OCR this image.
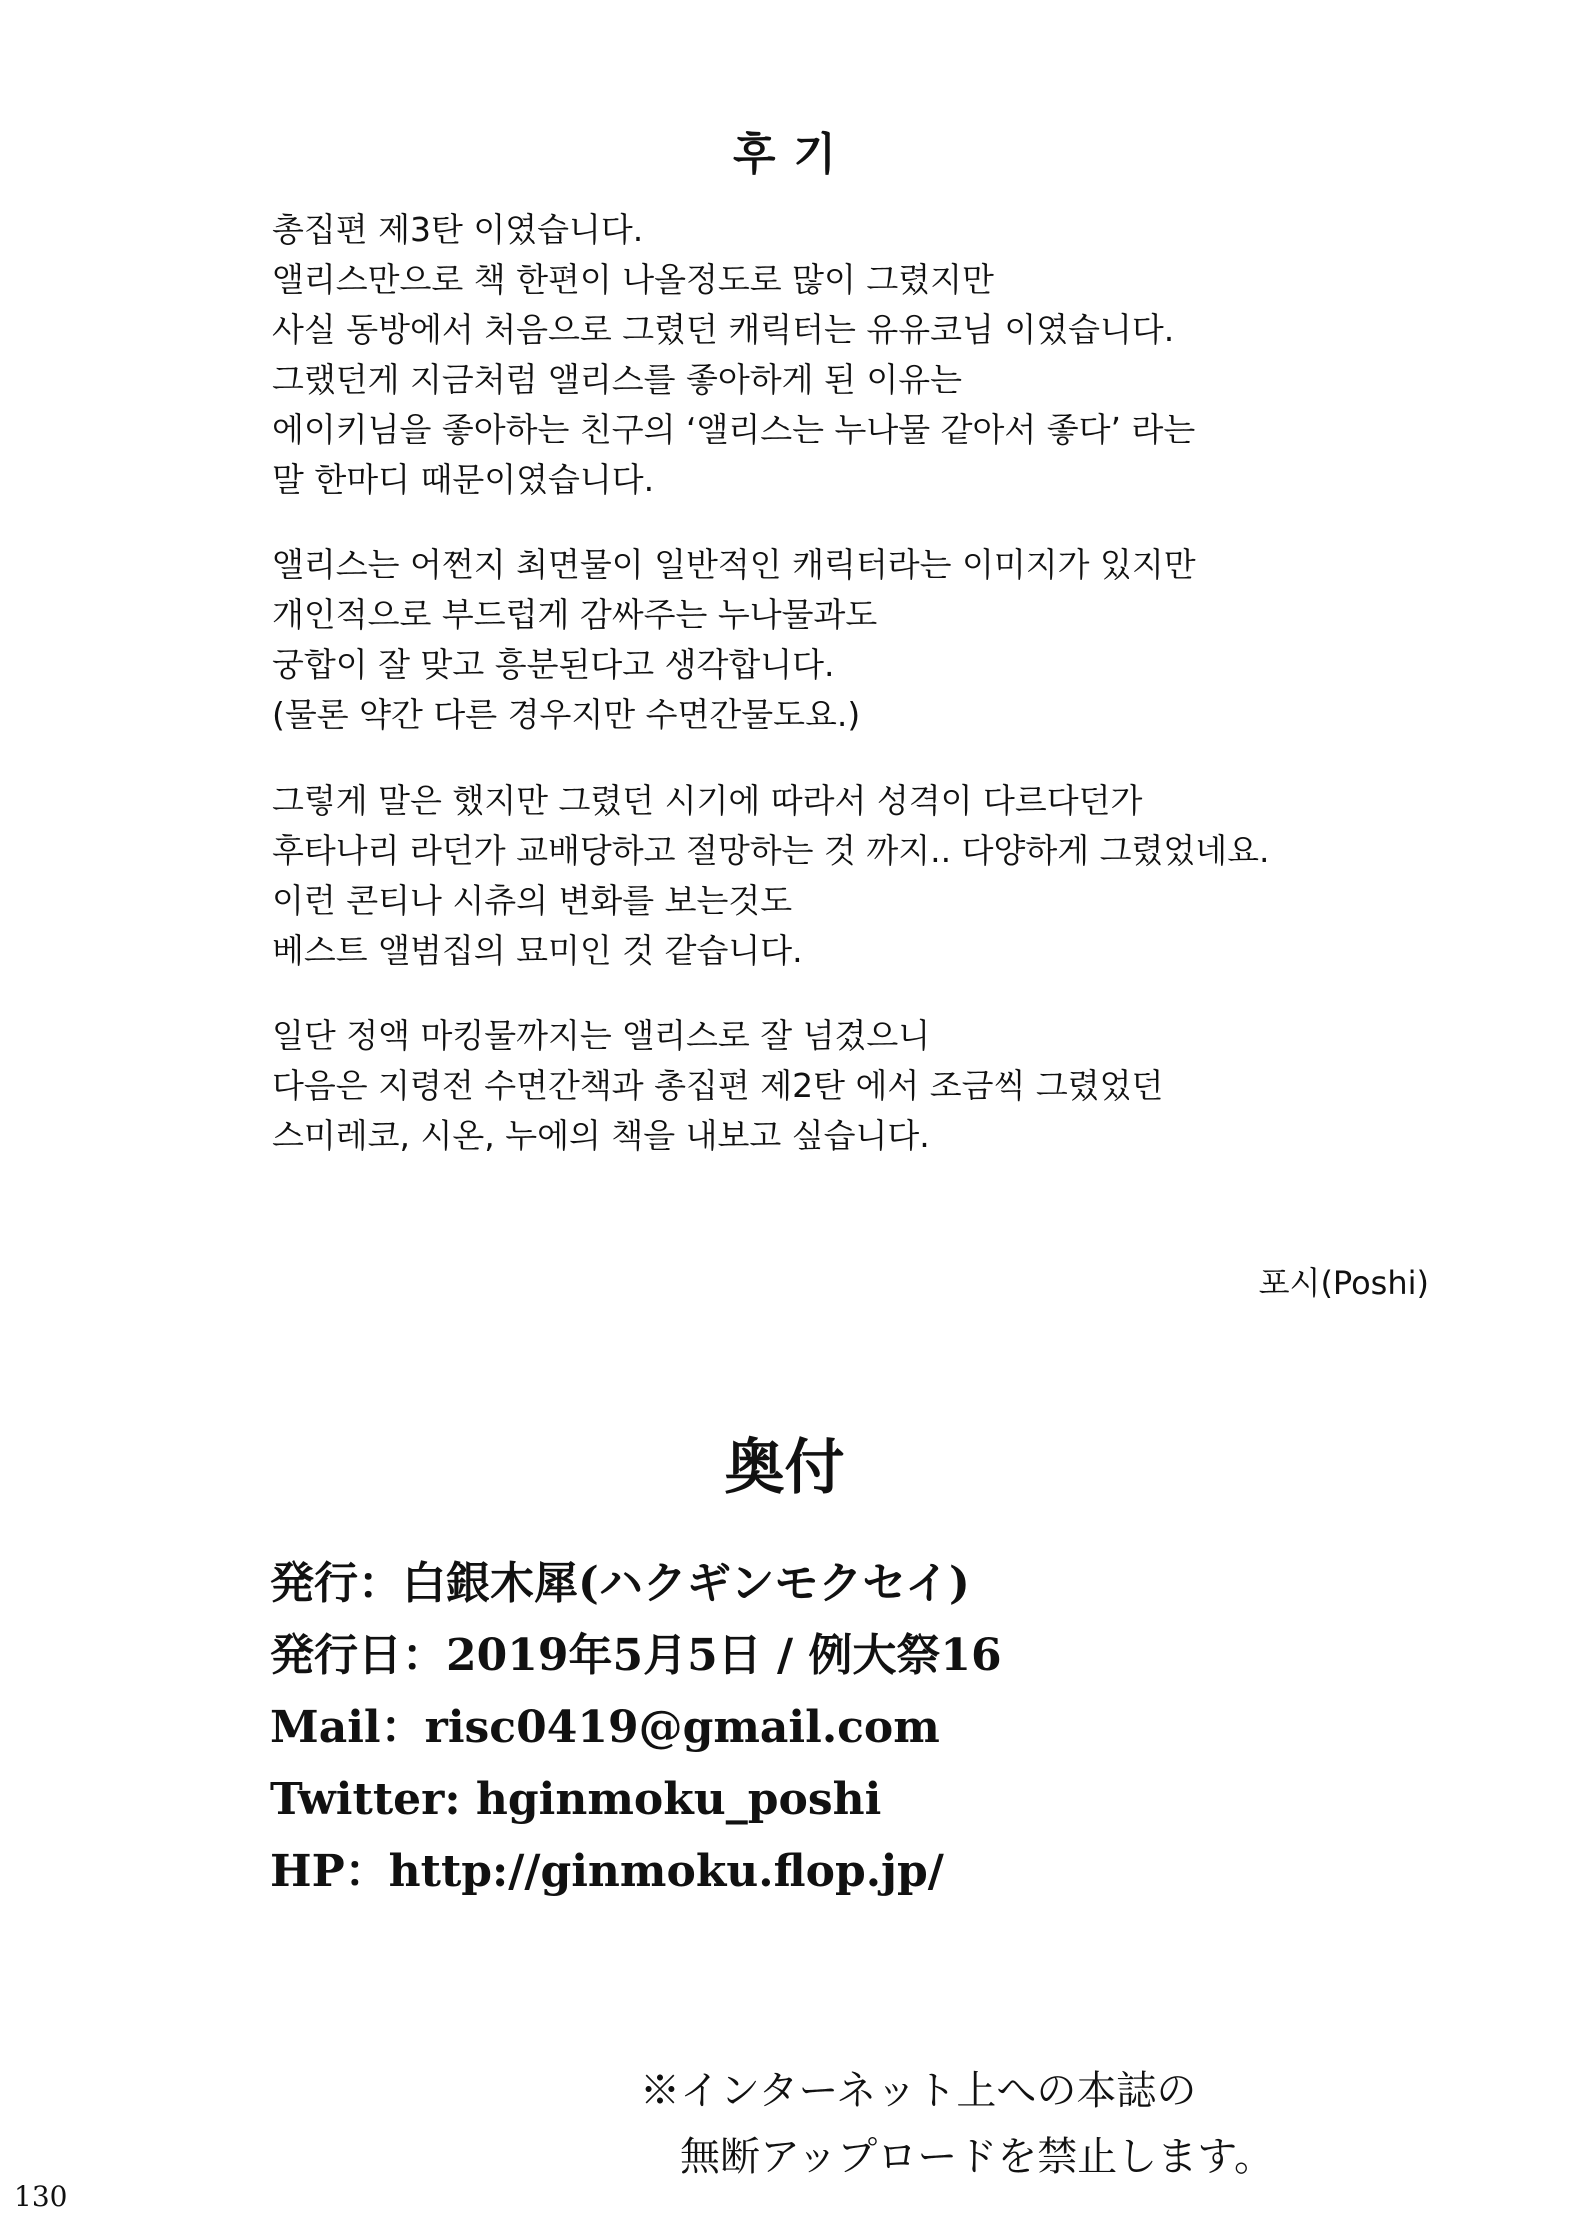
후기
총집편 제3탄 이였습니다.
앨리스만으로 책 한편이 나올정도로 많이 그렸지만
사실 동방에서 처음으로 그렸던 캐릭터는 유유코님 이였습니다.
그랬던게 지금처럼 앨리스를 좋아하게 된 이유는
에이키님을 좋아하는 친구의 ‘앨리스는 누나물 같아서 좋다’ 라는
말 한마디 때문이였습니다.
앨리스는 어쩐지 최면물이 일반적인 캐릭터라는 이미지가 있지만
개인적으로 부드럽게 감싸주는 누나물과도
궁합이 잘 맞고 흥분된다고 생각합니다.
(물론 약간 다른 경우지만 수면간물도요.)
그렇게 말은 했지만 그렸던 시기에 따라서 성격이 다르다던가
후타나리 라던가 교배당하고 절망하는 것 까지.. 다양하게 그렸었네요.
이런 콘티나 시츄의 변화를 보는것도
베스트 앨범집의 묘미인 것 같습니다.
일단 정액 마킹물까지는 앨리스로 잘 넘겼으니
다음은 지령전 수면간책과 총집편 제2탄 에서 조금씩 그렸었던
스미레코, 시온, 누에의 책을 내보고 싶습니다.
포시(Poshi)
奥付
発行：白銀木犀(ハクギンモクセイ)
発行日：2019年5月5日 / 例大祭16
Mail：risc0419@gmail.com
Twitter: hginmoku_poshi
HP：http://ginmoku.flop.jp/
※インターネット上への本誌の
無断アップロードを禁止します。
130
